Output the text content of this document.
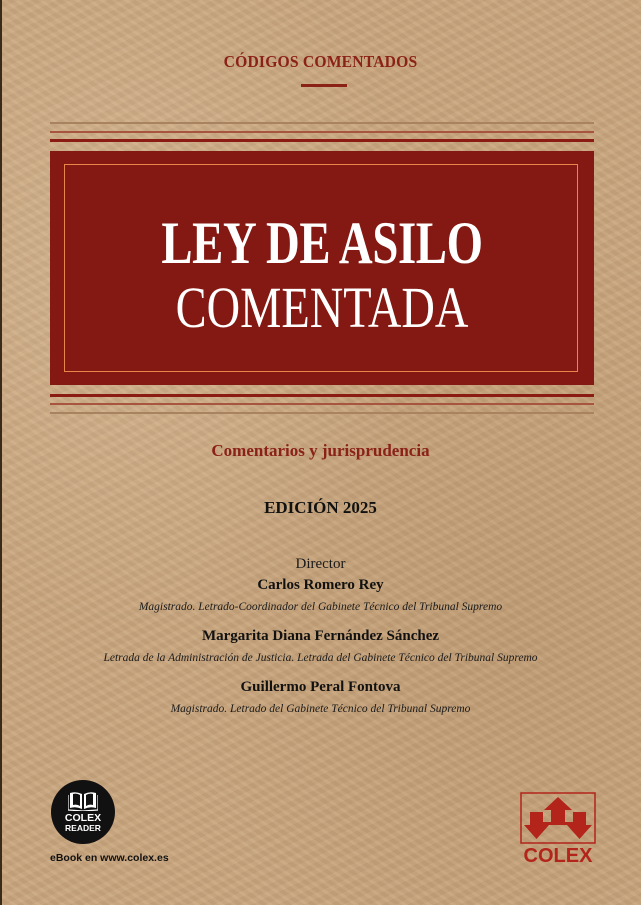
CÓDIGOS COMENTADOS
LEY DE ASILO
COMENTADA
Comentarios y jurisprudencia
EDICIÓN 2025
Director
Carlos Romero Rey
Magistrado. Letrado-Coordinador del Gabinete Técnico del Tribunal Supremo
Margarita Diana Fernández Sánchez
Letrada de la Administración de Justicia. Letrada del Gabinete Técnico del Tribunal Supremo
Guillermo Peral Fontova
Magistrado. Letrado del Gabinete Técnico del Tribunal Supremo
COLEX
READER
eBook en www.colex.es	COLEX
